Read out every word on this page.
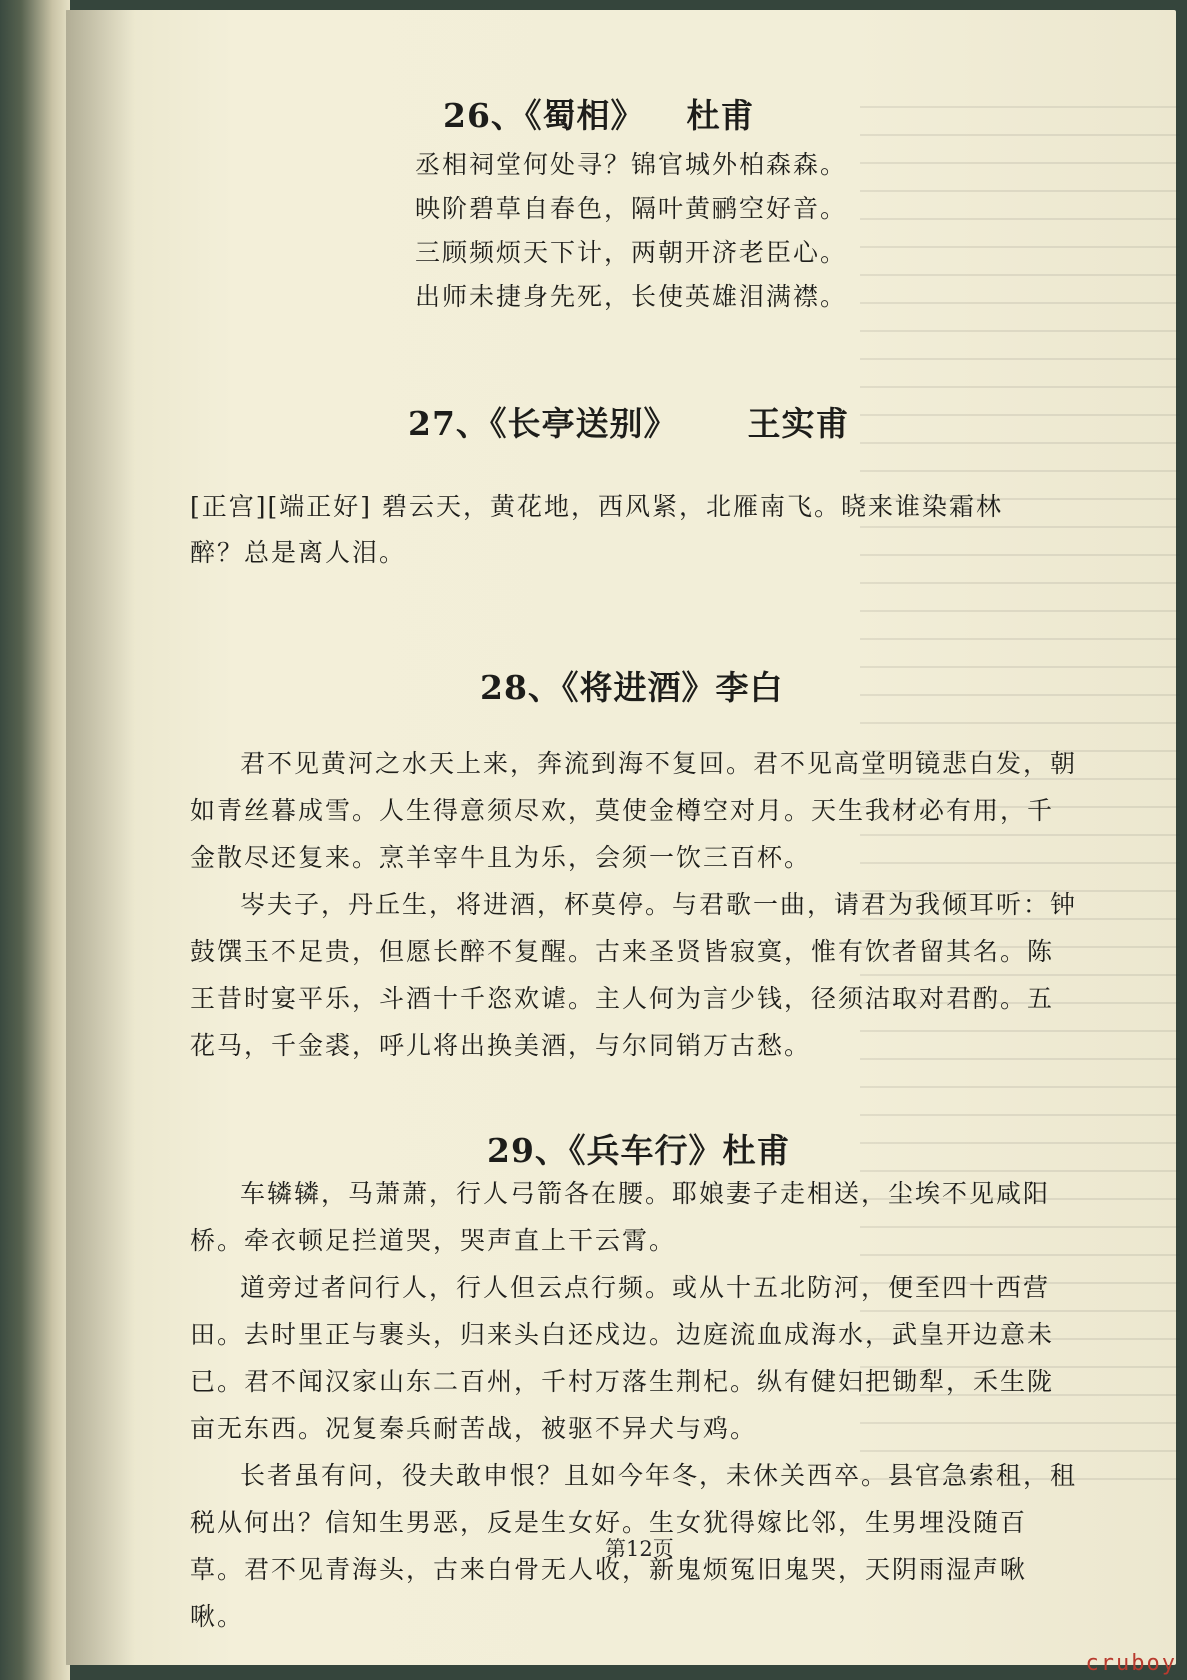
26、《蜀相》 杜甫
丞相祠堂何处寻？锦官城外柏森森。
映阶碧草自春色，隔叶黄鹂空好音。
三顾频烦天下计，两朝开济老臣心。
出师未捷身先死，长使英雄泪满襟。
27、《长亭送别》 王实甫
[正宫][端正好] 碧云天，黄花地，西风紧，北雁南飞。晓来谁染霜林
醉？总是离人泪。
28、《将进酒》李白

君不见黄河之水天上来，奔流到海不复回。君不见高堂明镜悲白发，朝如青丝暮成雪。人生得意须尽欢，莫使金樽空对月。天生我材必有用，千金散尽还复来。烹羊宰牛且为乐，会须一饮三百杯。

岑夫子，丹丘生，将进酒，杯莫停。与君歌一曲，请君为我倾耳听：钟鼓馔玉不足贵，但愿长醉不复醒。古来圣贤皆寂寞，惟有饮者留其名。陈王昔时宴平乐，斗酒十千恣欢谑。主人何为言少钱，径须沽取对君酌。五花马，千金裘，呼儿将出换美酒，与尔同销万古愁。

29、《兵车行》杜甫

车辚辚，马萧萧，行人弓箭各在腰。耶娘妻子走相送，尘埃不见咸阳桥。牵衣顿足拦道哭，哭声直上干云霄。

道旁过者问行人，行人但云点行频。或从十五北防河，便至四十西营田。去时里正与裹头，归来头白还戍边。边庭流血成海水，武皇开边意未已。君不闻汉家山东二百州，千村万落生荆杞。纵有健妇把锄犁，禾生陇亩无东西。况复秦兵耐苦战，被驱不异犬与鸡。

长者虽有问，役夫敢申恨？且如今年冬，未休关西卒。县官急索租，租税从何出？信知生男恶，反是生女好。生女犹得嫁比邻，生男埋没随百草。君不见青海头，古来白骨无人收，新鬼烦冤旧鬼哭，天阴雨湿声啾啾。

第12页
cruboy
